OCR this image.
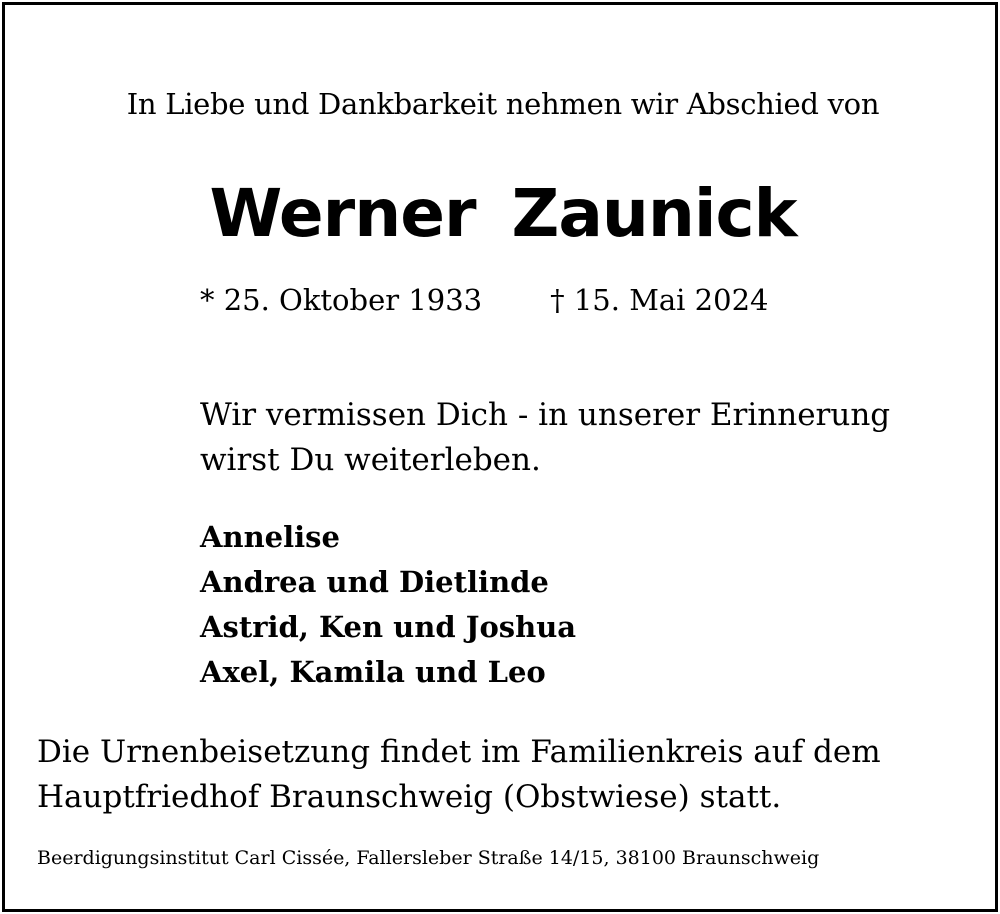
In Liebe und Dankbarkeit nehmen wir Abschied von
Werner Zaunick
* 25. Oktober 1933 † 15. Mai 2024
Wir vermissen Dich - in unserer Erinnerung
wirst Du weiterleben.
Annelise
Andrea und Dietlinde
Astrid, Ken und Joshua
Axel, Kamila und Leo
Die Urnenbeisetzung findet im Familienkreis auf dem
Hauptfriedhof Braunschweig (Obstwiese) statt.
Beerdigungsinstitut Carl Cissée, Fallersleber Straße 14/15, 38100 Braunschweig
